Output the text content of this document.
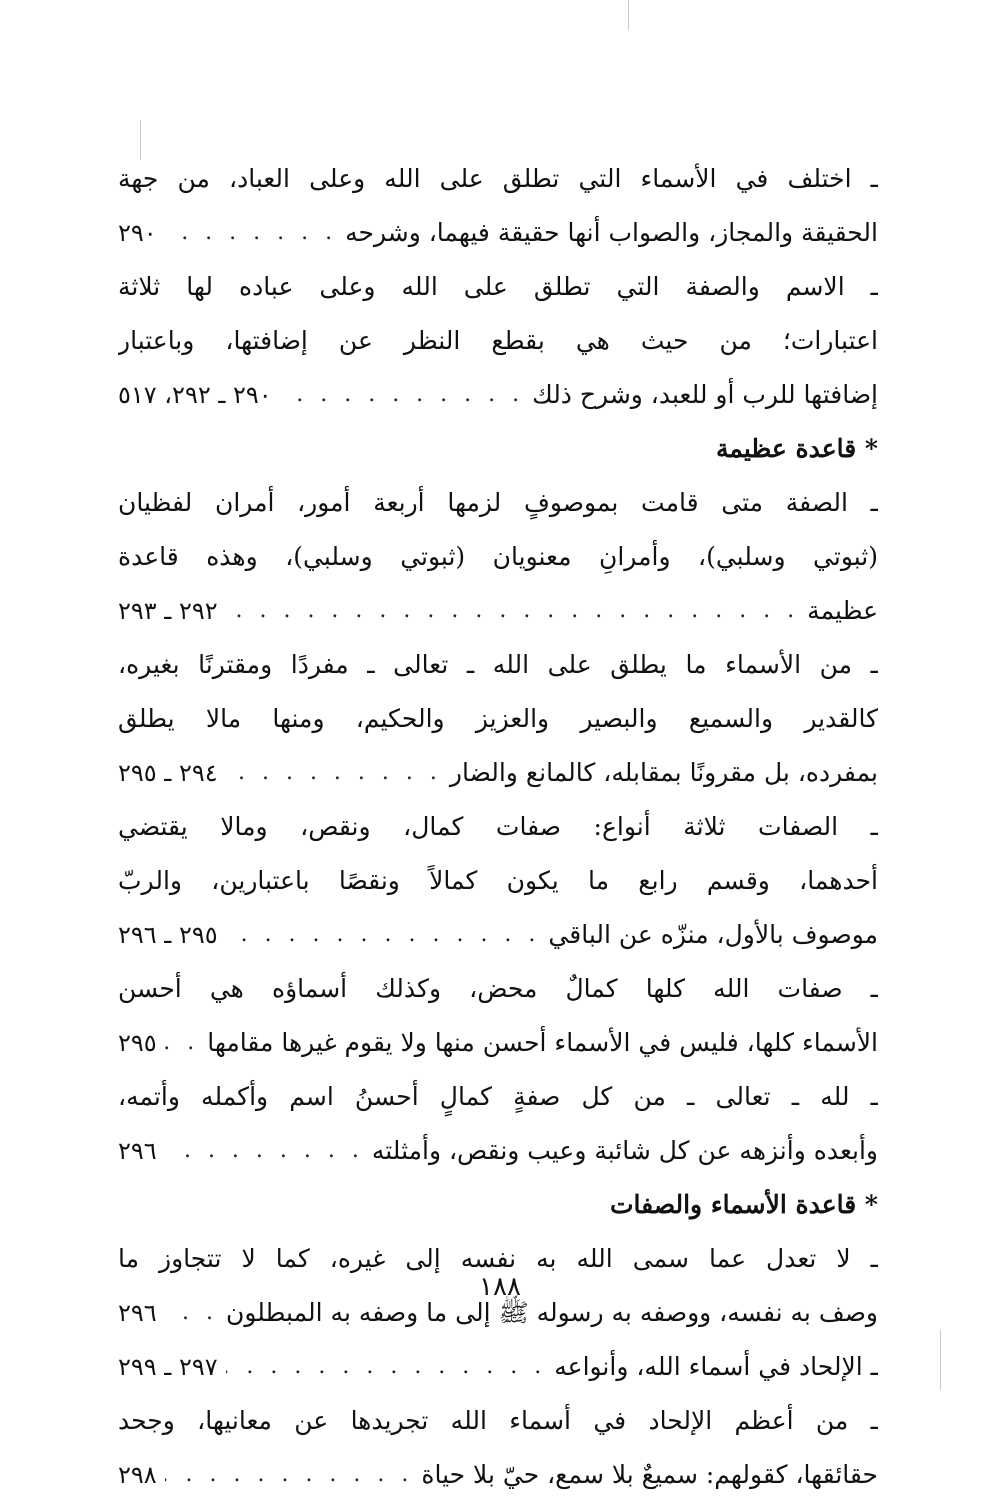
ـ اختلف في الأسماء التي تطلق على الله وعلى العباد، من جهة
الحقيقة والمجاز، والصواب أنها حقيقة فيهما، وشرحه
. . .
٢٩٠
ـ الاسم والصفة التي تطلق على الله وعلى عباده لها ثلاثة
اعتبارات؛ من حيث هي بقطع النظر عن إضافتها، وباعتبار
إضافتها للرب أو للعبد، وشرح ذلك
. . .
٢٩٠ ـ ٢٩٢، ٥١٧
* قاعدة عظيمة
ـ الصفة متى قامت بموصوفٍ لزمها أربعة أمور، أمران لفظيان
(ثبوتي وسلبي)، وأمرانِ معنويان (ثبوتي وسلبي)، وهذه قاعدة
عظيمة
. . .
٢٩٢ ـ ٢٩٣
ـ من الأسماء ما يطلق على الله ـ تعالى ـ مفردًا ومقترنًا بغيره،
كالقدير والسميع والبصير والعزيز والحكيم، ومنها مالا يطلق
بمفرده، بل مقرونًا بمقابله، كالمانع والضار
. . .
٢٩٤ ـ ٢٩٥
ـ الصفات ثلاثة أنواع: صفات كمال، ونقص، ومالا يقتضي
أحدهما، وقسم رابع ما يكون كمالاً ونقصًا باعتبارين، والربّ
موصوف بالأول، منزّه عن الباقي
. . .
٢٩٥ ـ ٢٩٦
ـ صفات الله كلها كمالٌ محض، وكذلك أسماؤه هي أحسن
الأسماء كلها، فليس في الأسماء أحسن منها ولا يقوم غيرها مقامها
. . .
٢٩٥
ـ لله ـ تعالى ـ من كل صفةٍ كمالٍ أحسنُ اسم وأكمله وأتمه،
وأبعده وأنزهه عن كل شائبة وعيب ونقص، وأمثلته
. . .
٢٩٦
* قاعدة الأسماء والصفات
ـ لا تعدل عما سمى الله به نفسه إلى غيره، كما لا تتجاوز ما
وصف به نفسه، ووصفه به رسوله ﷺ إلى ما وصفه به المبطلون
. . .
٢٩٦
ـ الإلحاد في أسماء الله، وأنواعه
. . .
٢٩٧ ـ ٢٩٩
ـ من أعظم الإلحاد في أسماء الله تجريدها عن معانيها، وجحد
حقائقها، كقولهم: سميعٌ بلا سمع، حيّ بلا حياة
. . .
٢٩٨
١٨٨
